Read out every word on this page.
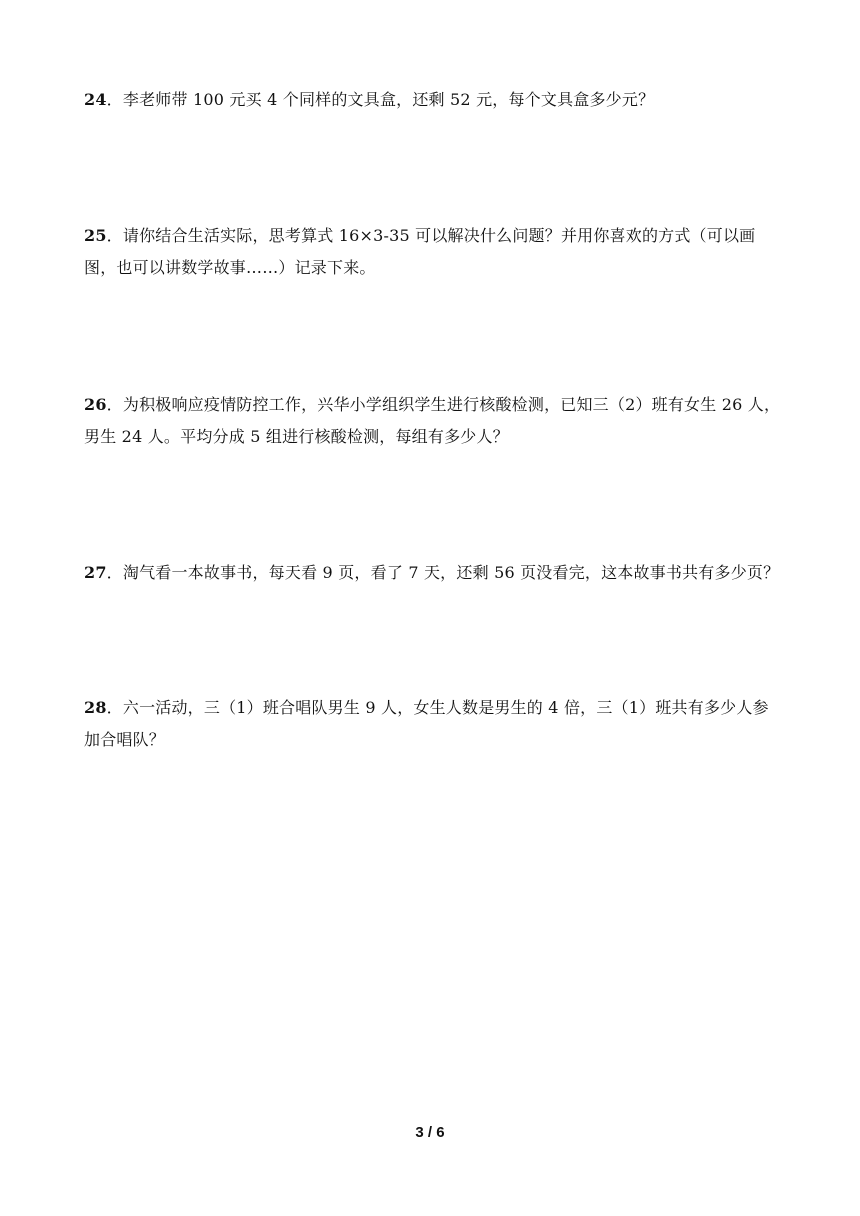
24．李老师带 100 元买 4 个同样的文具盒，还剩 52 元，每个文具盒多少元？
25．请你结合生活实际，思考算式 16×3-35 可以解决什么问题？并用你喜欢的方式（可以画图，也可以讲数学故事……）记录下来。
26．为积极响应疫情防控工作，兴华小学组织学生进行核酸检测，已知三（2）班有女生 26 人，男生 24 人。平均分成 5 组进行核酸检测，每组有多少人？
27．淘气看一本故事书，每天看 9 页，看了 7 天，还剩 56 页没看完，这本故事书共有多少页？
28．六一活动，三（1）班合唱队男生 9 人，女生人数是男生的 4 倍，三（1）班共有多少人参加合唱队？
3 / 6
